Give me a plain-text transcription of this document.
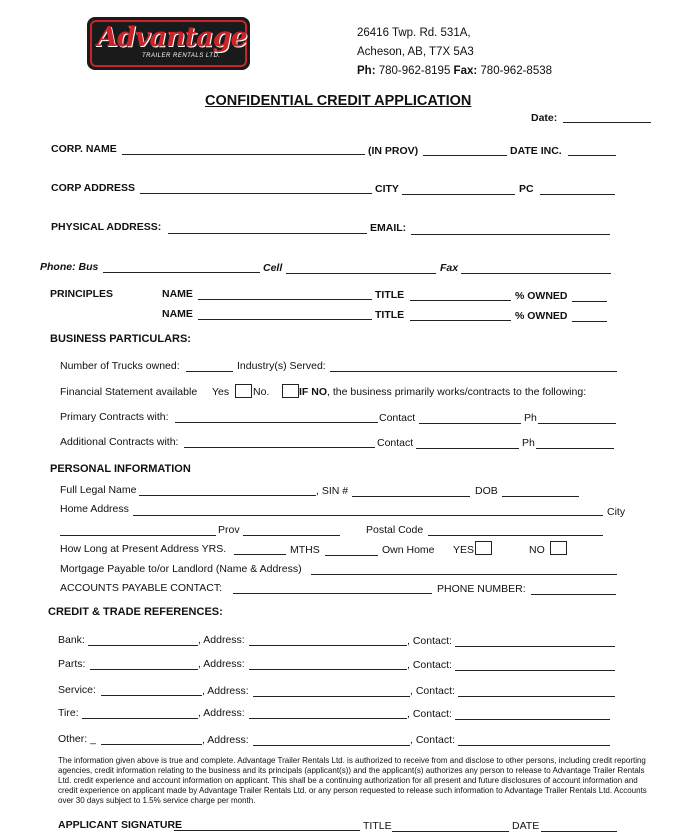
Advantage
TRAILER RENTALS LTD.
26416 Twp. Rd. 531A,
Acheson, AB, T7X 5A3
Ph: 780-962-8195 Fax: 780-962-8538
CONFIDENTIAL CREDIT APPLICATION
Date:
CORP. NAME	(IN PROV)	DATE INC.
CORP ADDRESS	CITY	PC
PHYSICAL ADDRESS:	EMAIL:
Phone: Bus	Cell	Fax
PRINCIPLES	NAME	TITLE	% OWNED
NAME	TITLE	% OWNED
BUSINESS PARTICULARS:
Number of Trucks owned:	Industry(s) Served:
Financial Statement available Yes No.	IF NO, the business primarily works/contracts to the following:
Primary Contracts with:	Contact	Ph
Additional Contracts with:	Contact	Ph
PERSONAL INFORMATION
Full Legal Name	, SIN #	DOB
Home Address	City
Prov	Postal Code
How Long at Present Address YRS.	MTHS	Own Home YES	NO
Mortgage Payable to/or Landlord (Name & Address)
ACCOUNTS PAYABLE CONTACT:	PHONE NUMBER:
CREDIT & TRADE REFERENCES:
Bank:	, Address:	, Contact:
Parts:	, Address:	, Contact:
Service:	, Address:	, Contact:
Tire:	, Address:	, Contact:
Other: _	, Address:	, Contact:
The information given above is true and complete. Advantage Trailer Rentals Ltd. is authorized to receive from and disclose to other persons, including credit reporting agencies, credit information relating to the business and its principals (applicant(s)) and the applicant(s) authorizes any person to release to Advantage Trailer Rentals Ltd. credit experience and account information on applicant. This shall be a continuing authorization for all present and future disclosures of account information and credit experience on applicant made by Advantage Trailer Rentals Ltd. or any person requested to release such information to Advantage Trailer Rentals Ltd. Accounts over 30 days subject to 1.5% service charge per month.
APPLICANT SIGNATURE	TITLE	DATE
